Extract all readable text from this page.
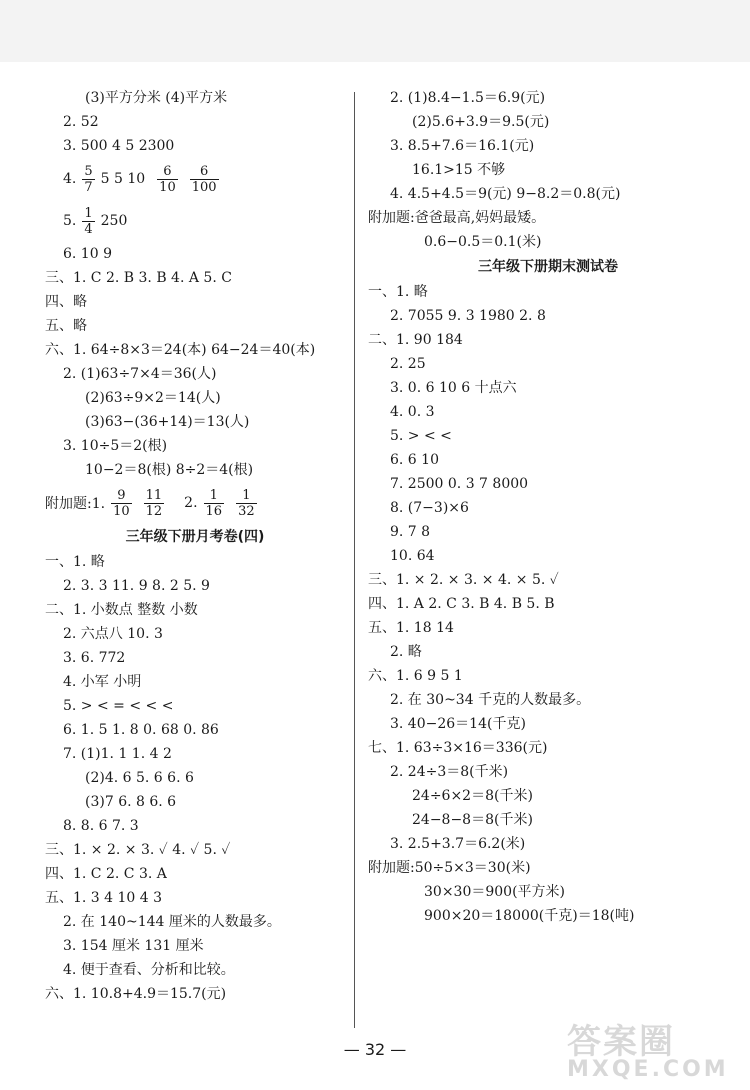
(3)平方分米 (4)平方米
2. 52
3. 500 4 5 2300
4. $\frac{5}{7} 5$ 5 $10 \frac{6}{10} \frac{6}{100}$
5. $\frac{1}{4} 250$
6. 10 9
三、1. C 2. B 3. B 4. A 5. C
四、略
五、略
六、1. 64÷8×3＝24(本) 64−24＝40(本)
2. (1)63÷7×4＝36(人)
(2)63÷9×2＝14(人)
(3)63−(36+14)＝13(人)
3. 10÷5＝2(根)
10−2＝8(根) 8÷2＝4(根)
附加题:1. $\frac{9}{10} \frac{11}{12} 2$. $\frac{1}{16} \frac{1}{32}$
三年级下册月考卷(四)
一、1. 略
2. 3. 3 11. 9 8. 2 5. 9
二、1. 小数点 整数 小数
2. 六点八 10. 3
3. 6. 772
4. 小军 小明
5. > < = < < <
6. 1. 5 1. 8 0. 68 0. 86
7. (1)1. 1 1. 4 2
(2)4. 6 5. 6 6. 6
(3)7 6. 8 6. 6
8. 8. 6 7. 3
三、1. × 2. × 3. ✓ 4. ✓ 5. ✓
四、1. C 2. C 3. A
五、1. 3 4 10 4 3
2. 在 140~144 厘米的人数最多。
3. 154 厘米 131 厘米
4. 便于查看、分析和比较。
六、1. 10.8+4.9＝15.7(元)
2. (1)8.4−1.5＝6.9(元)
(2)5.6+3.9＝9.5(元)
3. 8.5+7.6＝16.1(元)
16.1>15 不够
4. 4.5+4.5＝9(元) 9−8.2＝0.8(元)
附加题:爸爸最高,妈妈最矮。
0.6−0.5＝0.1(米)
三年级下册期末测试卷
一、1. 略
2. 7055 9. 3 1980 2. 8
二、1. 90 184
2. 25
3. 0. 6 10 6 十点六
4. 0. 3
5. > < <
6. 6 10
7. 2500 0. 3 7 8000
8. (7−3)×6
9. 7 8
10. 64
三、1. × 2. × 3. × 4. × 5. ✓
四、1. A 2. C 3. B 4. B 5. B
五、1. 18 14
2. 略
六、1. 6 9 5 1
2. 在 30~34 千克的人数最多。
3. 40−26＝14(千克)
七、1. 63÷3×16＝336(元)
2. 24÷3＝8(千米)
24÷6×2＝8(千米)
24−8−8＝8(千米)
3. 2.5+3.7＝6.2(米)
附加题:50÷5×3＝30(米)
30×30＝900(平方米)
900×20＝18000(千克)＝18(吨)
— 32 —	答案圈
MXQE.COM
